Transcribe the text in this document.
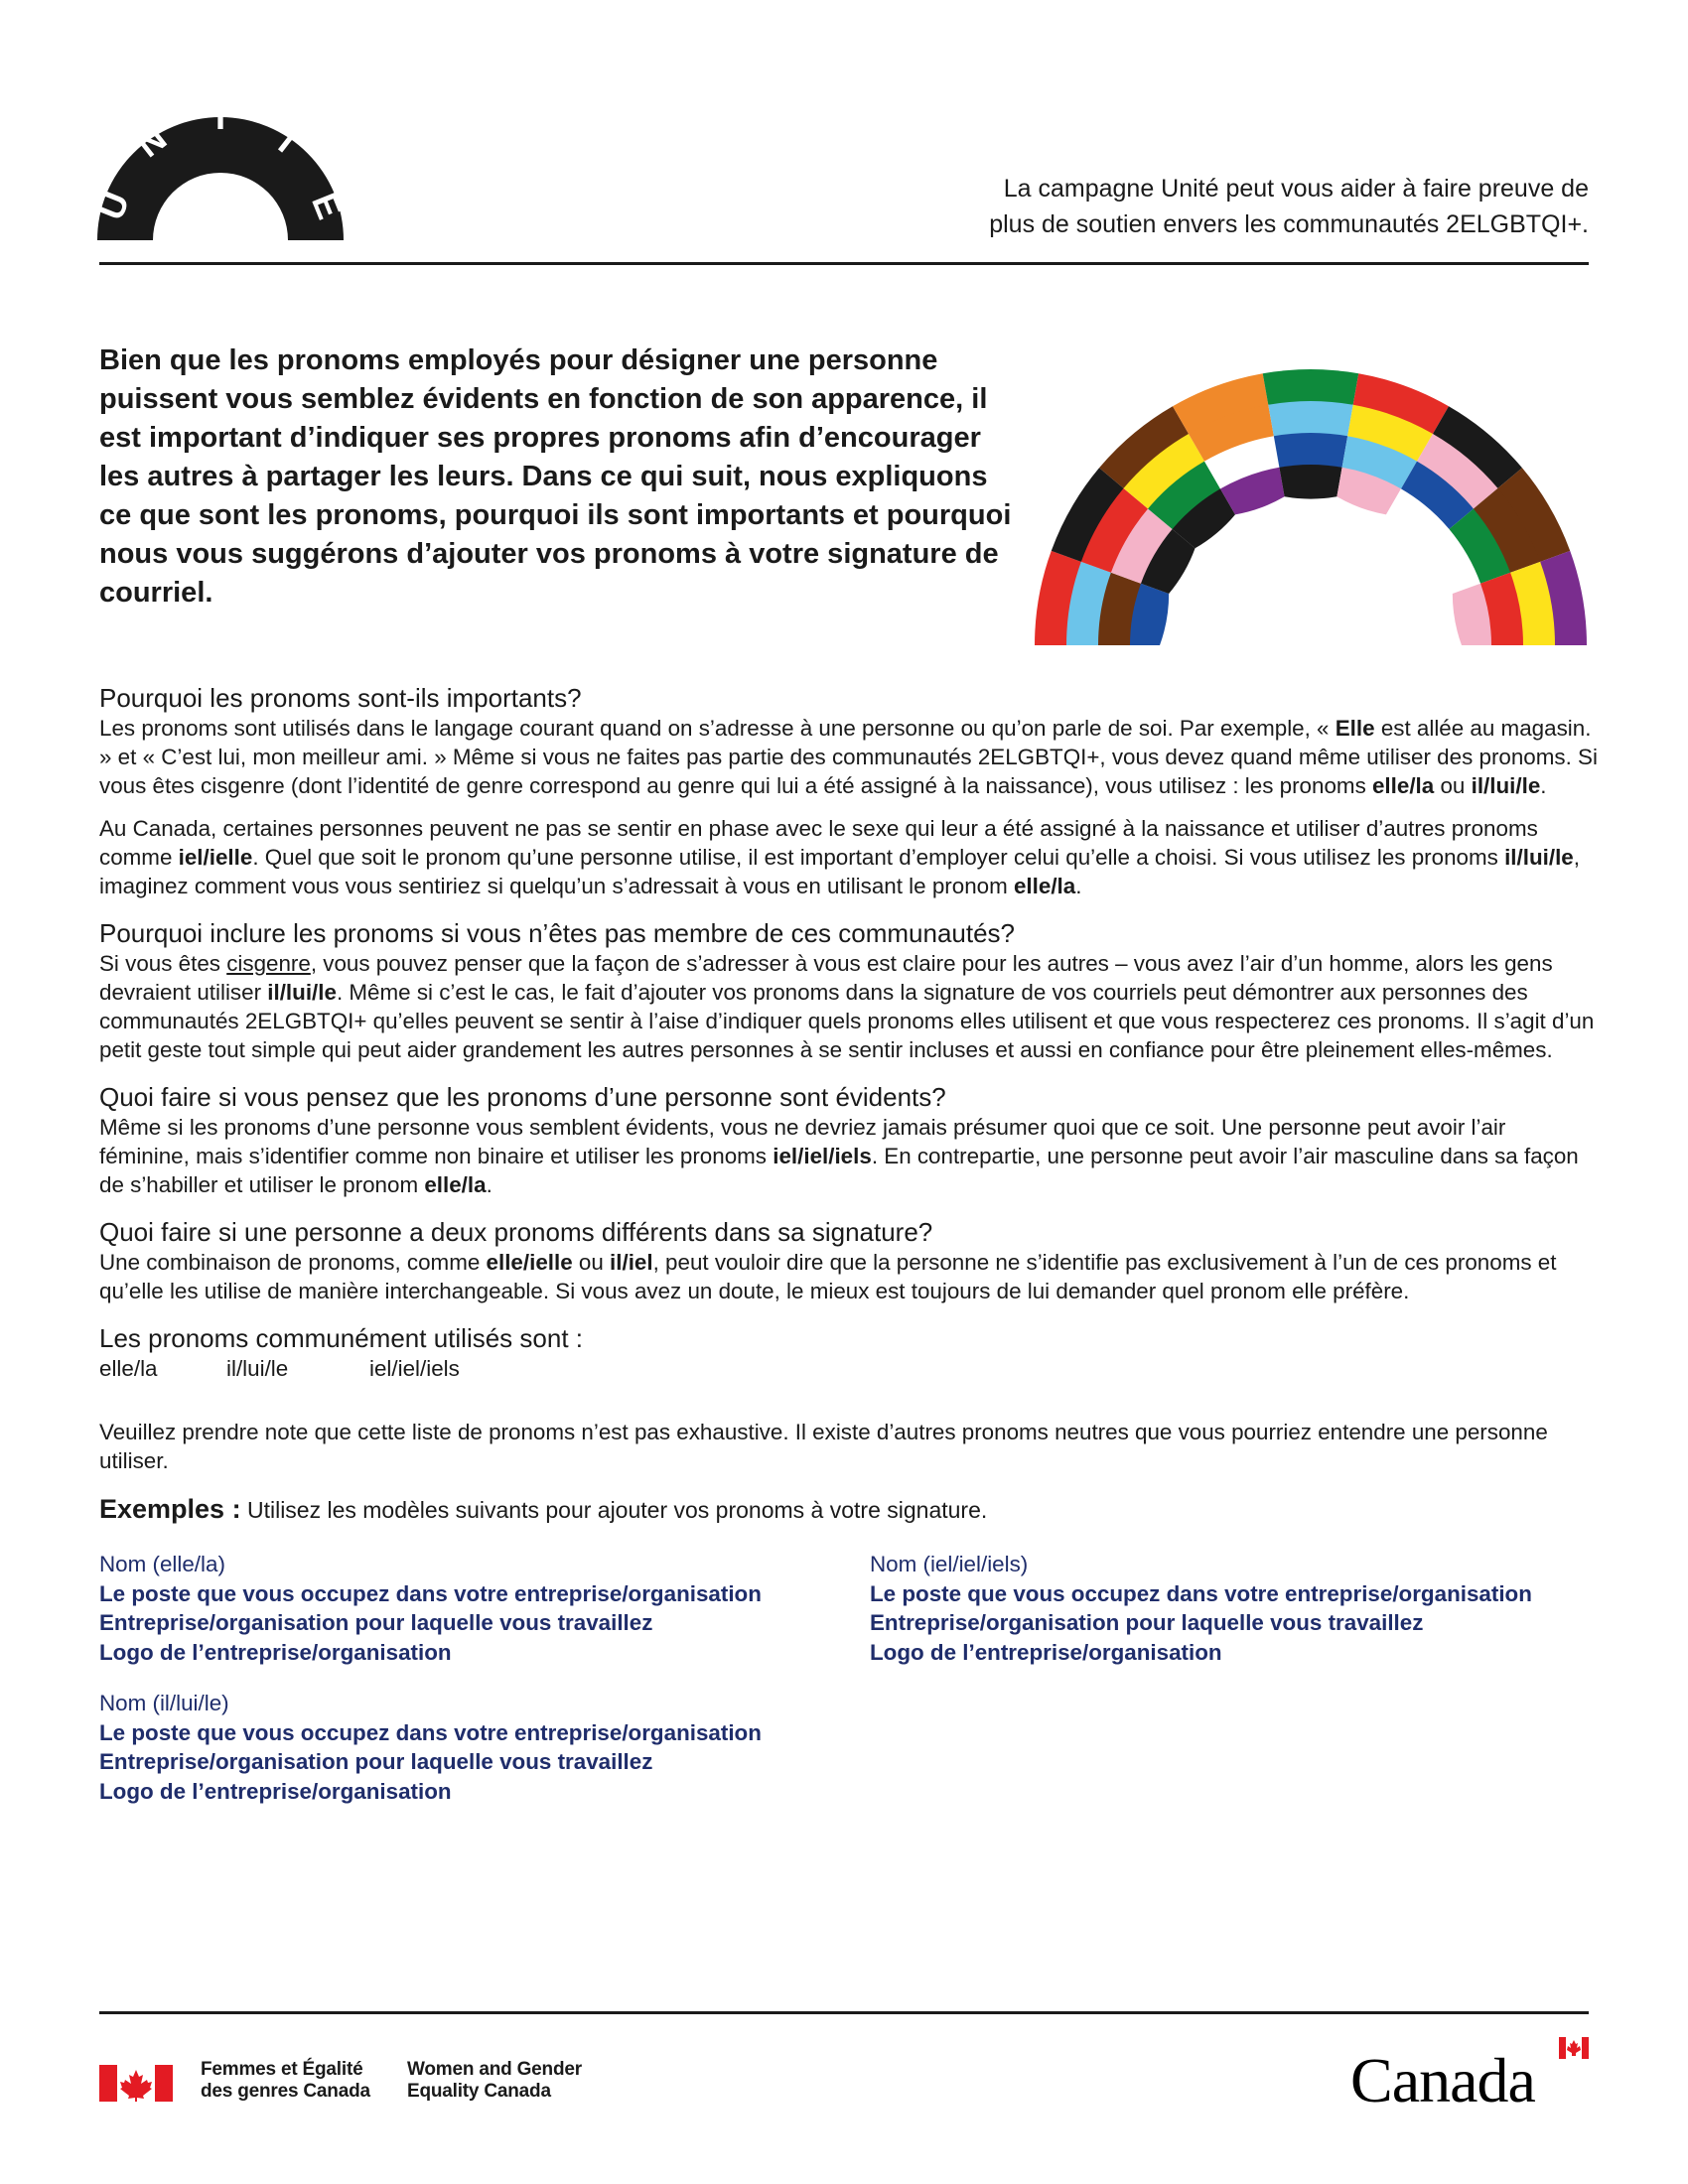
U
N
I
T
É	La campagne Unité peut vous aider à faire preuve de
plus de soutien envers les communautés 2ELGBTQI+.
Bien que les pronoms employés pour désigner une personne puissent vous semblez évidents en fonction de son apparence, il est important d’indiquer ses propres pronoms afin d’encourager les autres à partager les leurs. Dans ce qui suit, nous expliquons ce que sont les pronoms, pourquoi ils sont importants et pourquoi nous vous suggérons d’ajouter vos pronoms à votre signature de courriel.
Pourquoi les pronoms sont-ils importants?

Les pronoms sont utilisés dans le langage courant quand on s’adresse à une personne ou qu’on parle de soi. Par exemple, « Elle est allée au magasin. » et « C’est lui, mon meilleur ami. » Même si vous ne faites pas partie des communautés 2ELGBTQI+, vous devez quand même utiliser des pronoms. Si vous êtes cisgenre (dont l’identité de genre correspond au genre qui lui a été assigné à la naissance), vous utilisez : les pronoms elle/la ou il/lui/le.

Au Canada, certaines personnes peuvent ne pas se sentir en phase avec le sexe qui leur a été assigné à la naissance et utiliser d’autres pronoms comme iel/ielle. Quel que soit le pronom qu’une personne utilise, il est important d’employer celui qu’elle a choisi. Si vous utilisez les pronoms il/lui/le, imaginez comment vous vous sentiriez si quelqu’un s’adressait à vous en utilisant le pronom elle/la.

Pourquoi inclure les pronoms si vous n’êtes pas membre de ces communautés?

Si vous êtes cisgenre, vous pouvez penser que la façon de s’adresser à vous est claire pour les autres – vous avez l’air d’un homme, alors les gens devraient utiliser il/lui/le. Même si c’est le cas, le fait d’ajouter vos pronoms dans la signature de vos courriels peut démontrer aux personnes des communautés 2ELGBTQI+ qu’elles peuvent se sentir à l’aise d’indiquer quels pronoms elles utilisent et que vous respecterez ces pronoms. Il s’agit d’un petit geste tout simple qui peut aider grandement les autres personnes à se sentir incluses et aussi en confiance pour être pleinement elles-mêmes.

Quoi faire si vous pensez que les pronoms d’une personne sont évidents?

Même si les pronoms d’une personne vous semblent évidents, vous ne devriez jamais présumer quoi que ce soit. Une personne peut avoir l’air féminine, mais s’identifier comme non binaire et utiliser les pronoms iel/iel/iels. En contrepartie, une personne peut avoir l’air masculine dans sa façon de s’habiller et utiliser le pronom elle/la.

Quoi faire si une personne a deux pronoms différents dans sa signature?

Une combinaison de pronoms, comme elle/ielle ou il/iel, peut vouloir dire que la personne ne s’identifie pas exclusivement à l’un de ces pronoms et qu’elle les utilise de manière interchangeable. Si vous avez un doute, le mieux est toujours de lui demander quel pronom elle préfère.

Les pronoms communément utilisés sont :
elle/la	il/lui/le	iel/iel/iels

Veuillez prendre note que cette liste de pronoms n’est pas exhaustive. Il existe d’autres pronoms neutres que vous pourriez entendre une personne utiliser.

Exemples : Utilisez les modèles suivants pour ajouter vos pronoms à votre signature.
Nom (elle/la)
Le poste que vous occupez dans votre entreprise/organisation
Entreprise/organisation pour laquelle vous travaillez
Logo de l’entreprise/organisation
Nom (iel/iel/iels)
Le poste que vous occupez dans votre entreprise/organisation
Entreprise/organisation pour laquelle vous travaillez
Logo de l’entreprise/organisation
Nom (il/lui/le)
Le poste que vous occupez dans votre entreprise/organisation
Entreprise/organisation pour laquelle vous travaillez
Logo de l’entreprise/organisation
Femmes et Égalité
des genres Canada
Women and Gender
Equality Canada	Canada
